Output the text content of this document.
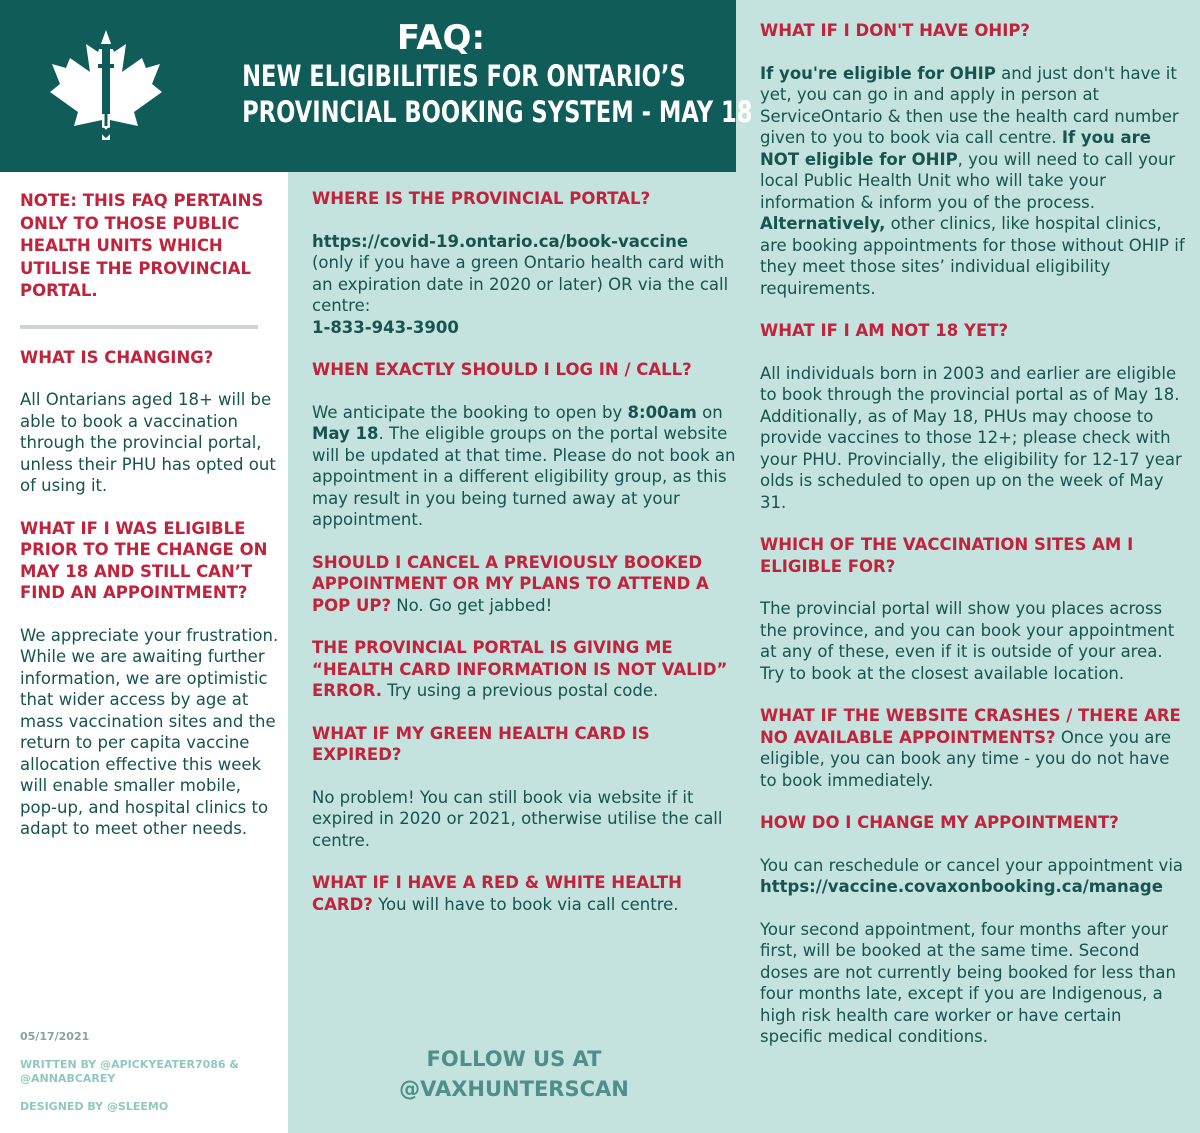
FAQ:
NEW ELIGIBILITIES FOR ONTARIO’S
PROVINCIAL BOOKING SYSTEM - MAY 18

NOTE: THIS FAQ PERTAINS ONLY TO THOSE PUBLIC HEALTH UNITS WHICH UTILISE THE PROVINCIAL PORTAL.

WHAT IS CHANGING?

All Ontarians aged 18+ will be able to book a vaccination through the provincial portal, unless their PHU has opted out of using it.

WHAT IF I WAS ELIGIBLE PRIOR TO THE CHANGE ON MAY 18 AND STILL CAN’T FIND AN APPOINTMENT?

We appreciate your frustration. While we are awaiting further information, we are optimistic that wider access by age at mass vaccination sites and the return to per capita vaccine allocation effective this week will enable smaller mobile, pop-up, and hospital clinics to adapt to meet other needs.

05/17/2021
WRITTEN BY @APICKYEATER7086 & @ANNABCAREY
DESIGNED BY @SLEEMO

WHERE IS THE PROVINCIAL PORTAL?

https://covid-19.ontario.ca/book-vaccine
(only if you have a green Ontario health card with an expiration date in 2020 or later) OR via the call centre:
1-833-943-3900

WHEN EXACTLY SHOULD I LOG IN / CALL?

We anticipate the booking to open by 8:00am on May 18. The eligible groups on the portal website will be updated at that time. Please do not book an appointment in a different eligibility group, as this may result in you being turned away at your appointment.

SHOULD I CANCEL A PREVIOUSLY BOOKED APPOINTMENT OR MY PLANS TO ATTEND A POP UP? No. Go get jabbed!

THE PROVINCIAL PORTAL IS GIVING ME “HEALTH CARD INFORMATION IS NOT VALID” ERROR. Try using a previous postal code.

WHAT IF MY GREEN HEALTH CARD IS EXPIRED?

No problem! You can still book via website if it expired in 2020 or 2021, otherwise utilise the call centre.

WHAT IF I HAVE A RED & WHITE HEALTH CARD? You will have to book via call centre.

FOLLOW US AT
@VAXHUNTERSCAN

WHAT IF I DON'T HAVE OHIP?

If you're eligible for OHIP and just don't have it yet, you can go in and apply in person at ServiceOntario & then use the health card number given to you to book via call centre. If you are NOT eligible for OHIP, you will need to call your local Public Health Unit who will take your information & inform you of the process. Alternatively, other clinics, like hospital clinics, are booking appointments for those without OHIP if they meet those sites’ individual eligibility requirements.

WHAT IF I AM NOT 18 YET?

All individuals born in 2003 and earlier are eligible to book through the provincial portal as of May 18. Additionally, as of May 18, PHUs may choose to provide vaccines to those 12+; please check with your PHU. Provincially, the eligibility for 12-17 year olds is scheduled to open up on the week of May 31.

WHICH OF THE VACCINATION SITES AM I ELIGIBLE FOR?

The provincial portal will show you places across the province, and you can book your appointment at any of these, even if it is outside of your area. Try to book at the closest available location.

WHAT IF THE WEBSITE CRASHES / THERE ARE NO AVAILABLE APPOINTMENTS? Once you are eligible, you can book any time - you do not have to book immediately.

HOW DO I CHANGE MY APPOINTMENT?

You can reschedule or cancel your appointment via https://vaccine.covaxonbooking.ca/manage

Your second appointment, four months after your first, will be booked at the same time. Second doses are not currently being booked for less than four months late, except if you are Indigenous, a high risk health care worker or have certain specific medical conditions.
